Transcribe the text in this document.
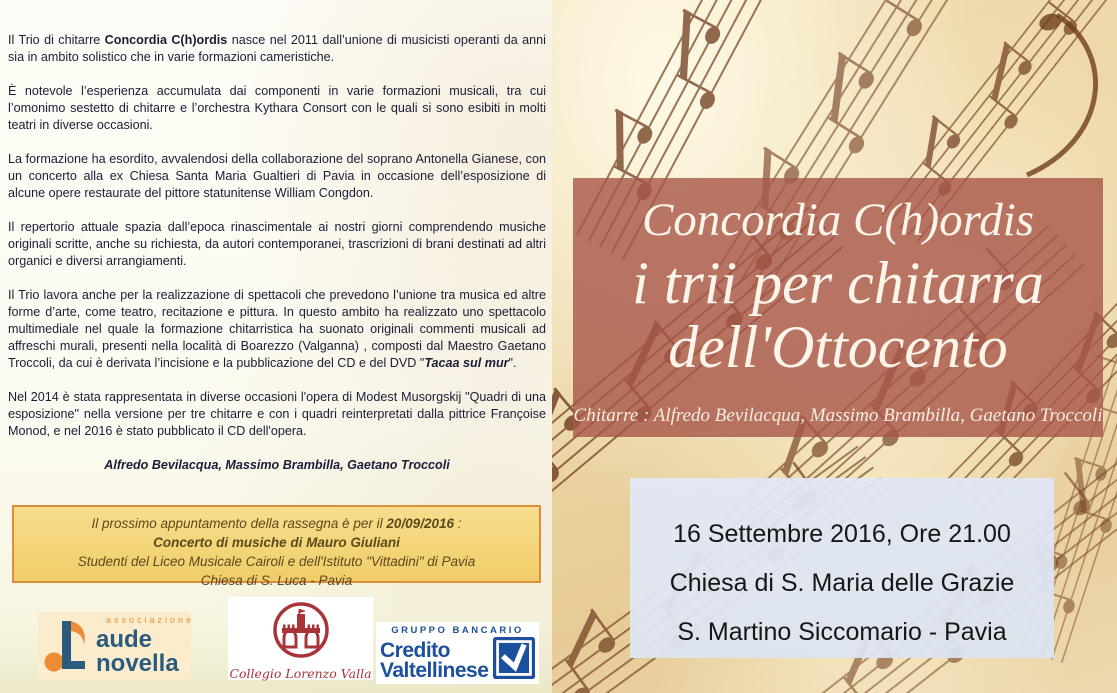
Il Trio di chitarre Concordia C(h)ordis nasce nel 2011 dall’unione di musicisti operanti da anni sia in ambito solistico che in varie formazioni cameristiche.

È notevole l’esperienza accumulata dai componenti in varie formazioni musicali, tra cui l’omonimo sestetto di chitarre e l’orchestra Kythara Consort con le quali si sono esibiti in molti teatri in diverse occasioni.

La formazione ha esordito, avvalendosi della collaborazione del soprano Antonella Gianese, con un concerto alla ex Chiesa Santa Maria Gualtieri di Pavia in occasione dell’esposizione di alcune opere restaurate del pittore statunitense William Congdon.

Il repertorio attuale spazia dall’epoca rinascimentale ai nostri giorni comprendendo musiche originali scritte, anche su richiesta, da autori contemporanei, trascrizioni di brani destinati ad altri organici e diversi arrangiamenti.

Il Trio lavora anche per la realizzazione di spettacoli che prevedono l’unione tra musica ed altre forme d’arte, come teatro, recitazione e pittura. In questo ambito ha realizzato uno spettacolo multimediale nel quale la formazione chitarristica ha suonato originali commenti musicali ad affreschi murali, presenti nella località di Boarezzo (Valganna) , composti dal Maestro Gaetano Troccoli, da cui è derivata l’incisione e la pubblicazione del CD e del DVD "Tacaa sul mur".

Nel 2014 è stata rappresentata in diverse occasioni l'opera di Modest Musorgskij "Quadri di una esposizione" nella versione per tre chitarre e con i quadri reinterpretati dalla pittrice Françoise Monod, e nel 2016 è stato pubblicato il CD dell'opera.

Alfredo Bevilacqua, Massimo Brambilla, Gaetano Troccoli

Il prossimo appuntamento della rassegna è per il 20/09/2016 :
Concerto di musiche di Mauro Giuliani
Studenti del Liceo Musicale Cairoli e dell'Istituto "Vittadini" di Pavia
Chiesa di S. Luca - Pavia
associazione
aude novella	Collegio Lorenzo Valla
GRUPPO BANCARIO
Credito
Valtellinese
Concordia C(h)ordis
i trii per chitarra
dell'Ottocento
Chitarre : Alfredo Bevilacqua, Massimo Brambilla, Gaetano Troccoli
16 Settembre 2016, Ore 21.00
Chiesa di S. Maria delle Grazie
S. Martino Siccomario - Pavia
